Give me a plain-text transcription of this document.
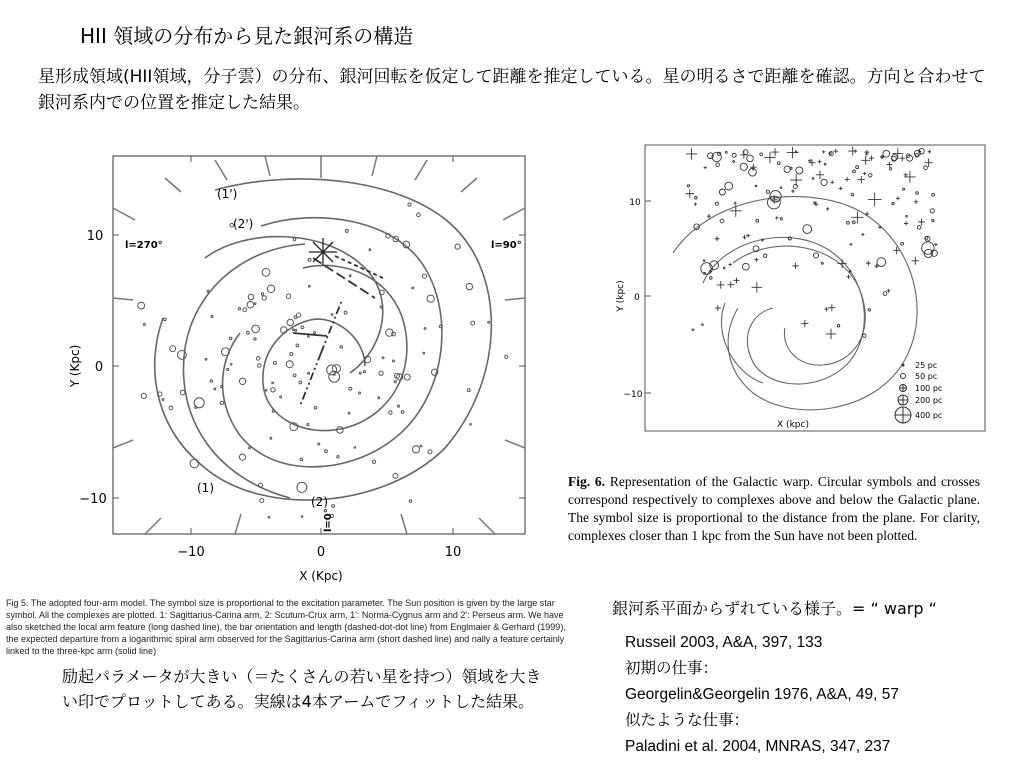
HII 領域の分布から見た銀河系の構造
星形成領域(HII領域，分子雲）の分布、銀河回転を仮定して距離を推定している。星の明るさで距離を確認。方向と合わせて銀河系内での位置を推定した結果。
10
0
−10
−10	0	10
X (Kpc)
Y (Kpc)
l=270°	l=90°
l=0°
(1')
(2')
(1)
(2)
Fig 5. The adopted four-arm model. The symbol size is proportional to the excitation parameter. The Sun position is given by the large star symbol. All the complexes are plotted. 1: Sagittarius-Carina arm, 2: Scutum-Crux arm, 1': Norma-Cygnus arm and 2': Perseus arm. We have also sketched the local arm feature (long dashed line), the bar orientation and length (dashed-dot-dot line) from Englmaier & Gerhard (1999), the expected departure from a logarithmic spiral arm observed for the Sagittarius-Carina arm (short dashed line) and nally a feature certainly linked to the three-kpc arm (solid line)
25 pc
50 pc
100 pc
200 pc
400 pc
10
0
−10
Y (kpc)
X (kpc)
Fig. 6. Representation of the Galactic warp. Circular symbols and crosses correspond respectively to complexes above and below the Galactic plane. The symbol size is proportional to the distance from the plane. For clarity, complexes closer than 1 kpc from the Sun have not been plotted.
励起パラメータが大きい（＝たくさんの若い星を持つ）領域を大きい印でプロットしてある。実線は4本アームでフィットした結果。
銀河系平面からずれている様子。= “ warp “
Russeil 2003, A&A, 397, 133
初期の仕事：
Georgelin&Georgelin 1976, A&A, 49, 57
似たような仕事：
Paladini et al. 2004, MNRAS, 347, 237
